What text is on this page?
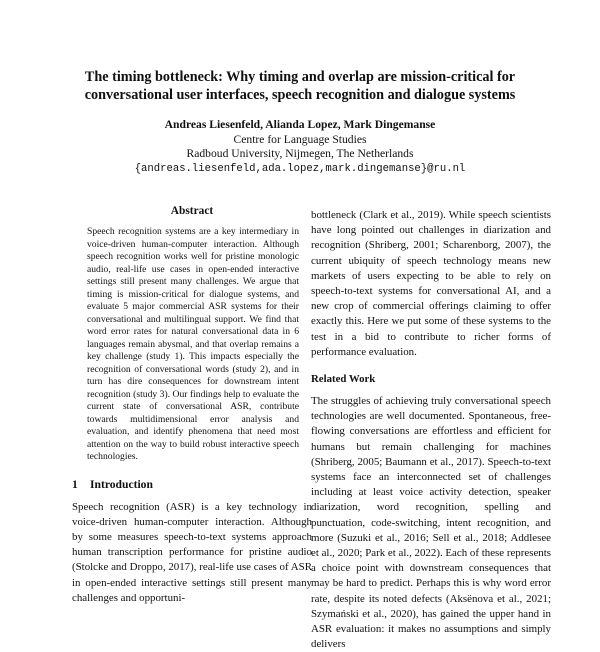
The timing bottleneck: Why timing and overlap are mission-critical for conversational user interfaces, speech recognition and dialogue systems
Andreas Liesenfeld, Alianda Lopez, Mark Dingemanse
Centre for Language Studies
Radboud University, Nijmegen, The Netherlands
{andreas.liesenfeld,ada.lopez,mark.dingemanse}@ru.nl
Abstract

Speech recognition systems are a key intermediary in voice-driven human-computer interaction. Although speech recognition works well for pristine monologic audio, real-life use cases in open-ended interactive settings still present many challenges. We argue that timing is mission-critical for dialogue systems, and evaluate 5 major commercial ASR systems for their conversational and multilingual support. We find that word error rates for natural conversational data in 6 languages remain abysmal, and that overlap remains a key challenge (study 1). This impacts especially the recognition of conversational words (study 2), and in turn has dire consequences for downstream intent recognition (study 3). Our findings help to evaluate the current state of conversational ASR, contribute towards multidimensional error analysis and evaluation, and identify phenomena that need most attention on the way to build robust interactive speech technologies.

1 Introduction

Speech recognition (ASR) is a key technology in voice-driven human-computer interaction. Although by some measures speech-to-text systems approach human transcription performance for pristine audio (Stolcke and Droppo, 2017), real-life use cases of ASR in open-ended interactive settings still present many challenges and opportuni-

bottleneck (Clark et al., 2019). While speech scientists have long pointed out challenges in diarization and recognition (Shriberg, 2001; Scharenborg, 2007), the current ubiquity of speech technology means new markets of users expecting to be able to rely on speech-to-text systems for conversational AI, and a new crop of commercial offerings claiming to offer exactly this. Here we put some of these systems to the test in a bid to contribute to richer forms of performance evaluation.

Related Work

The struggles of achieving truly conversational speech technologies are well documented. Spontaneous, free-flowing conversations are effortless and efficient for humans but remain challenging for machines (Shriberg, 2005; Baumann et al., 2017). Speech-to-text systems face an interconnected set of challenges including at least voice activity detection, speaker diarization, word recognition, spelling and punctuation, code-switching, intent recognition, and more (Suzuki et al., 2016; Sell et al., 2018; Addlesee et al., 2020; Park et al., 2022). Each of these represents a choice point with downstream consequences that may be hard to predict. Perhaps this is why word error rate, despite its noted defects (Aksënova et al., 2021; Szymański et al., 2020), has gained the upper hand in ASR evaluation: it makes no assumptions and simply delivers
